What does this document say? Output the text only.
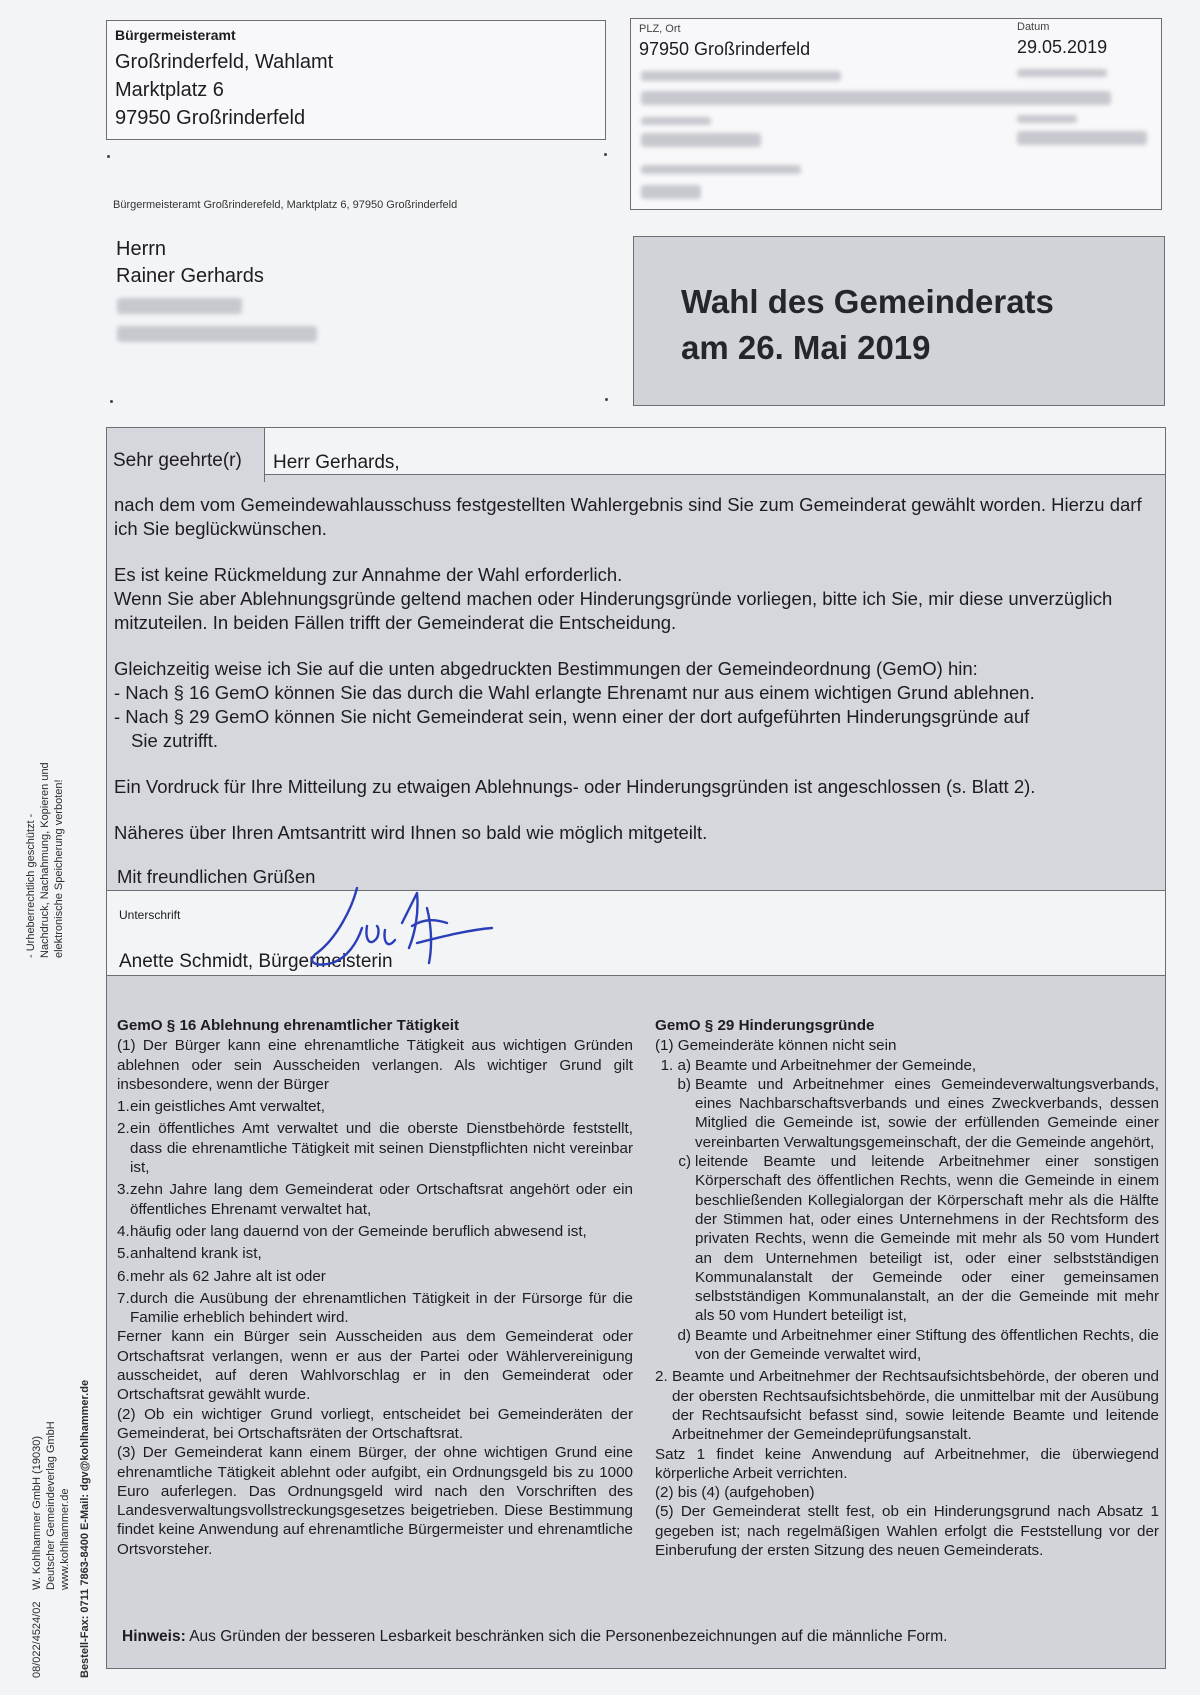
Bürgermeisteramt
Großrinderfeld, Wahlamt
Marktplatz 6
97950 Großrinderfeld
PLZ, Ort
97950 Großrinderfeld
Datum
29.05.2019
Bürgermeisteramt Großrinderefeld, Marktplatz 6, 97950 Großrinderfeld
Herrn
Rainer Gerhards
Wahl des Gemeinderats
am 26. Mai 2019
Sehr geehrte(r)	Herr Gerhards,

nach dem vom Gemeindewahlausschuss festgestellten Wahlergebnis sind Sie zum Gemeinderat gewählt worden. Hierzu darf ich Sie beglückwünschen.

Es ist keine Rückmeldung zur Annahme der Wahl erforderlich.
Wenn Sie aber Ablehnungsgründe geltend machen oder Hinderungsgründe vorliegen, bitte ich Sie, mir diese unverzüglich mitzuteilen. In beiden Fällen trifft der Gemeinderat die Entscheidung.

Gleichzeitig weise ich Sie auf die unten abgedruckten Bestimmungen der Gemeindeordnung (GemO) hin:
- Nach § 16 GemO können Sie das durch die Wahl erlangte Ehrenamt nur aus einem wichtigen Grund ablehnen.
- Nach § 29 GemO können Sie nicht Gemeinderat sein, wenn einer der dort aufgeführten Hinderungsgründe auf
Sie zutrifft.

Ein Vordruck für Ihre Mitteilung zu etwaigen Ablehnungs- oder Hinderungsgründen ist angeschlossen (s. Blatt 2).

Näheres über Ihren Amtsantritt wird Ihnen so bald wie möglich mitgeteilt.

Mit freundlichen Grüßen
Unterschrift
Anette Schmidt, Bürgermeisterin
GemO § 16 Ablehnung ehrenamtlicher Tätigkeit

(1) Der Bürger kann eine ehrenamtliche Tätigkeit aus wichtigen Gründen ablehnen oder sein Ausscheiden verlangen. Als wichtiger Grund gilt insbesondere, wenn der Bürger

1. ein geistliches Amt verwaltet,
2. ein öffentliches Amt verwaltet und die oberste Dienstbehörde feststellt, dass die ehrenamtliche Tätigkeit mit seinen Dienstpflichten nicht vereinbar ist,
3. zehn Jahre lang dem Gemeinderat oder Ortschaftsrat angehört oder ein öffentliches Ehrenamt verwaltet hat,
4. häufig oder lang dauernd von der Gemeinde beruflich abwesend ist,
5. anhaltend krank ist,
6. mehr als 62 Jahre alt ist oder
7. durch die Ausübung der ehrenamtlichen Tätigkeit in der Fürsorge für die Familie erheblich behindert wird.

Ferner kann ein Bürger sein Ausscheiden aus dem Gemeinderat oder Ortschaftsrat verlangen, wenn er aus der Partei oder Wählervereinigung ausscheidet, auf deren Wahlvorschlag er in den Gemeinderat oder Ortschaftsrat gewählt wurde.

(2) Ob ein wichtiger Grund vorliegt, entscheidet bei Gemeinderäten der Gemeinderat, bei Ortschaftsräten der Ortschaftsrat.

(3) Der Gemeinderat kann einem Bürger, der ohne wichtigen Grund eine ehrenamtliche Tätigkeit ablehnt oder aufgibt, ein Ordnungsgeld bis zu 1000 Euro auferlegen. Das Ordnungsgeld wird nach den Vorschriften des Landesverwaltungsvollstreckungsgesetzes beigetrieben. Diese Bestimmung findet keine Anwendung auf ehrenamtliche Bürgermeister und ehrenamtliche Ortsvorsteher.

GemO § 29 Hinderungsgründe

(1) Gemeinderäte können nicht sein

1. a) Beamte und Arbeitnehmer der Gemeinde,
b) Beamte und Arbeitnehmer eines Gemeindeverwaltungsverbands, eines Nachbarschaftsverbands und eines Zweckverbands, dessen Mitglied die Gemeinde ist, sowie der erfüllenden Gemeinde einer vereinbarten Verwaltungsgemeinschaft, der die Gemeinde angehört,
c) leitende Beamte und leitende Arbeitnehmer einer sonstigen Körperschaft des öffentlichen Rechts, wenn die Gemeinde in einem beschließenden Kollegialorgan der Körperschaft mehr als die Hälfte der Stimmen hat, oder eines Unternehmens in der Rechtsform des privaten Rechts, wenn die Gemeinde mit mehr als 50 vom Hundert an dem Unternehmen beteiligt ist, oder einer selbstständigen Kommunalanstalt der Gemeinde oder einer gemeinsamen selbstständigen Kommunalanstalt, an der die Gemeinde mit mehr als 50 vom Hundert beteiligt ist,
d) Beamte und Arbeitnehmer einer Stiftung des öffentlichen Rechts, die von der Gemeinde verwaltet wird,
2. Beamte und Arbeitnehmer der Rechtsaufsichtsbehörde, der oberen und der obersten Rechtsaufsichtsbehörde, die unmittelbar mit der Ausübung der Rechtsaufsicht befasst sind, sowie leitende Beamte und leitende Arbeitnehmer der Gemeindeprüfungsanstalt.

Satz 1 findet keine Anwendung auf Arbeitnehmer, die überwiegend körperliche Arbeit verrichten.

(2) bis (4) (aufgehoben)

(5) Der Gemeinderat stellt fest, ob ein Hinderungsgrund nach Absatz 1 gegeben ist; nach regelmäßigen Wahlen erfolgt die Feststellung vor der Einberufung der ersten Sitzung des neuen Gemeinderats.

Hinweis: Aus Gründen der besseren Lesbarkeit beschränken sich die Personenbezeichnungen auf die männliche Form.
- Urheberrechtlich geschützt - Nachdruck, Nachahmung, Kopieren und elektronische Speicherung verboten!
08/022/4524/02
W. Kohlhammer GmbH (19030) Deutscher Gemeindeverlag GmbH www.kohlhammer.de Bestell-Fax: 0711 7863-8400 E-Mail: dgv@kohlhammer.de
